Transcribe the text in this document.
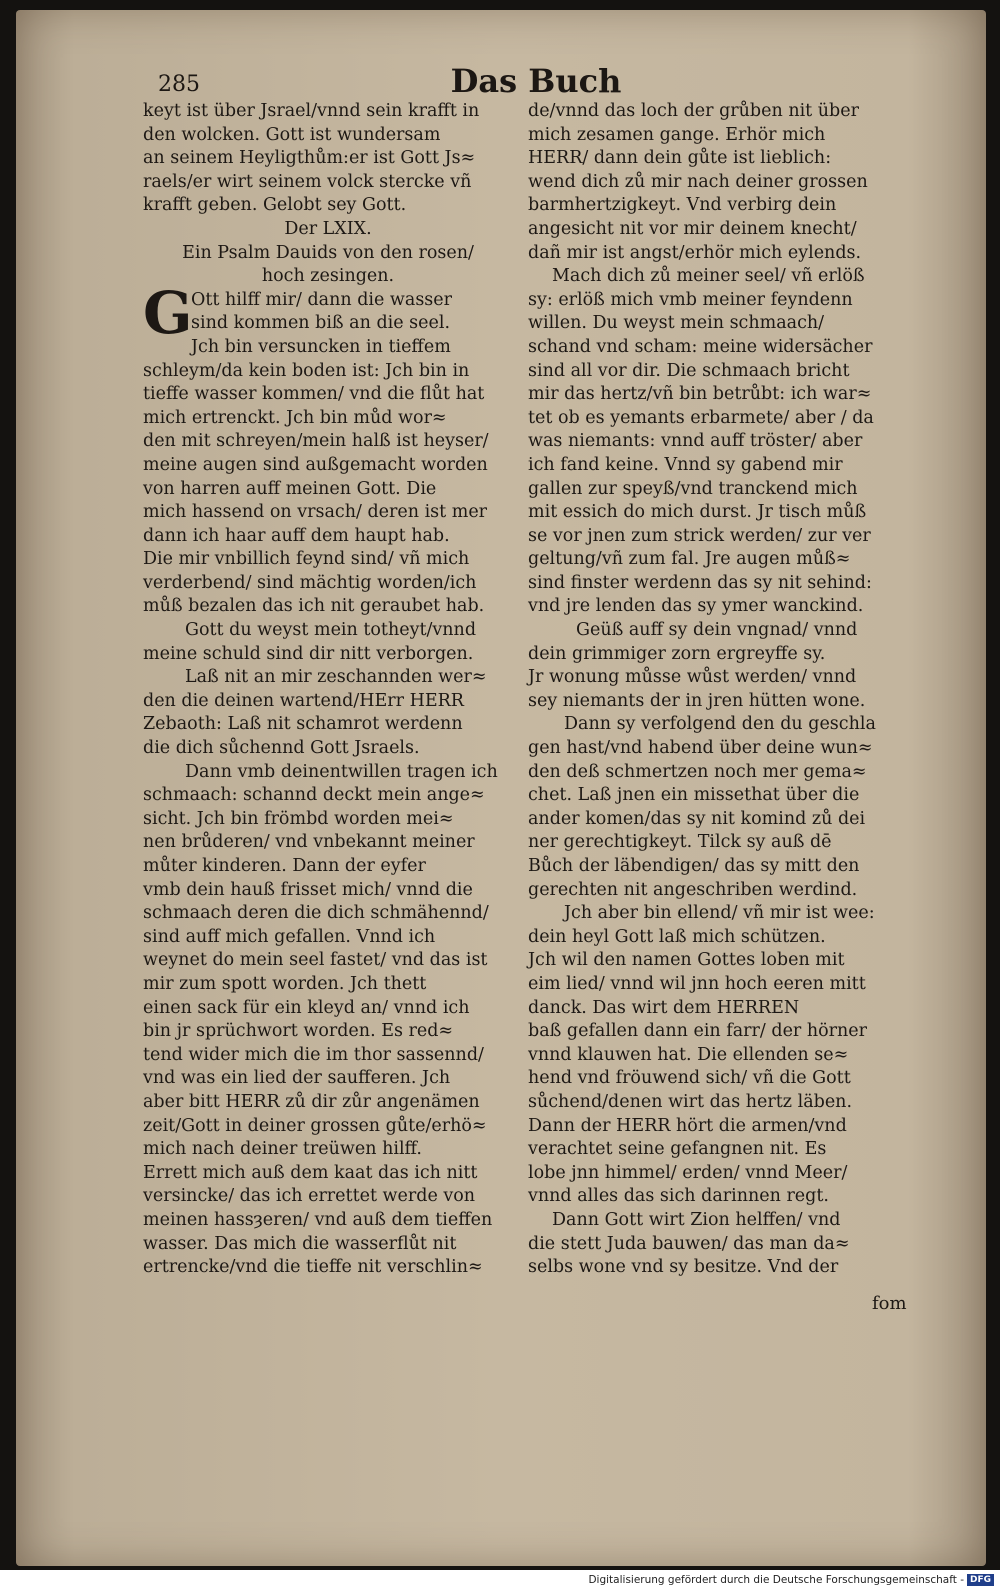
285	Das Buch
keyt ist über Jsrael/vnnd sein krafft in
den wolcken. Gott ist wundersam
an seinem Heyligthům:er ist Gott Js≈
raels/er wirt seinem volck stercke vñ
krafft geben. Gelobt sey Gott.
Der LXIX.
Ein Psalm Dauids von den rosen/
hoch zesingen.
G
Ott hilff mir/ dann die wasser
sind kommen biß an die seel.
Jch bin versuncken in tieffem
schleym/da kein boden ist: Jch bin in
tieffe wasser kommen/ vnd die flůt hat
mich ertrenckt. Jch bin můd wor≈
den mit schreyen/mein halß ist heyser/
meine augen sind außgemacht worden
von harren auff meinen Gott. Die
mich hassend on vrsach/ deren ist mer
dann ich haar auff dem haupt hab.
Die mir vnbillich feynd sind/ vñ mich
verderbend/ sind mächtig worden/ich
můß bezalen das ich nit geraubet hab.
Gott du weyst mein totheyt/vnnd
meine schuld sind dir nitt verborgen.
Laß nit an mir zeschannden wer≈
den die deinen wartend/HErr HERR
Zebaoth: Laß nit schamrot werdenn
die dich sůchennd Gott Jsraels.
Dann vmb deinentwillen tragen ich
schmaach: schannd deckt mein ange≈
sicht. Jch bin frömbd worden mei≈
nen brůderen/ vnd vnbekannt meiner
můter kinderen. Dann der eyfer
vmb dein hauß frisset mich/ vnnd die
schmaach deren die dich schmähennd/
sind auff mich gefallen. Vnnd ich
weynet do mein seel fastet/ vnd das ist
mir zum spott worden. Jch thett
einen sack für ein kleyd an/ vnnd ich
bin jr sprüchwort worden. Es red≈
tend wider mich die im thor sassennd/
vnd was ein lied der saufferen. Jch
aber bitt HERR zů dir zůr angenämen
zeit/Gott in deiner grossen gůte/erhö≈
mich nach deiner treüwen hilff.
Errett mich auß dem kaat das ich nitt
versincke/ das ich errettet werde von
meinen hassȝeren/ vnd auß dem tieffen
wasser. Das mich die wasserflůt nit
ertrencke/vnd die tieffe nit verschlin≈
de/vnnd das loch der grůben nit über
mich zesamen gange. Erhör mich
HERR/ dann dein gůte ist lieblich:
wend dich zů mir nach deiner grossen
barmhertzigkeyt. Vnd verbirg dein
angesicht nit vor mir deinem knecht/
dañ mir ist angst/erhör mich eylends.
Mach dich zů meiner seel/ vñ erlöß
sy: erlöß mich vmb meiner feyndenn
willen. Du weyst mein schmaach/
schand vnd scham: meine widersächer
sind all vor dir. Die schmaach bricht
mir das hertz/vñ bin betrůbt: ich war≈
tet ob es yemants erbarmete/ aber / da
was niemants: vnnd auff tröster/ aber
ich fand keine. Vnnd sy gabend mir
gallen zur speyß/vnd tranckend mich
mit essich do mich durst. Jr tisch můß
se vor jnen zum strick werden/ zur ver
geltung/vñ zum fal. Jre augen můß≈
sind finster werdenn das sy nit sehind:
vnd jre lenden das sy ymer wanckind.
Geüß auff sy dein vngnad/ vnnd
dein grimmiger zorn ergreyffe sy.
Jr wonung můsse wůst werden/ vnnd
sey niemants der in jren hütten wone.
Dann sy verfolgend den du geschla
gen hast/vnd habend über deine wun≈
den deß schmertzen noch mer gema≈
chet. Laß jnen ein missethat über die
ander komen/das sy nit komind zů dei
ner gerechtigkeyt. Tilck sy auß dē
Bůch der läbendigen/ das sy mitt den
gerechten nit angeschriben werdind.
Jch aber bin ellend/ vñ mir ist wee:
dein heyl Gott laß mich schützen.
Jch wil den namen Gottes loben mit
eim lied/ vnnd wil jnn hoch eeren mitt
danck. Das wirt dem HERREN
baß gefallen dann ein farr/ der hörner
vnnd klauwen hat. Die ellenden se≈
hend vnd fröuwend sich/ vñ die Gott
sůchend/denen wirt das hertz läben.
Dann der HERR hört die armen/vnd
verachtet seine gefangnen nit. Es
lobe jnn himmel/ erden/ vnnd Meer/
vnnd alles das sich darinnen regt.
Dann Gott wirt Zion helffen/ vnd
die stett Juda bauwen/ das man da≈
selbs wone vnd sy besitze. Vnd der
fom
Digitalisierung gefördert durch die Deutsche Forschungsgemeinschaft - DFG
